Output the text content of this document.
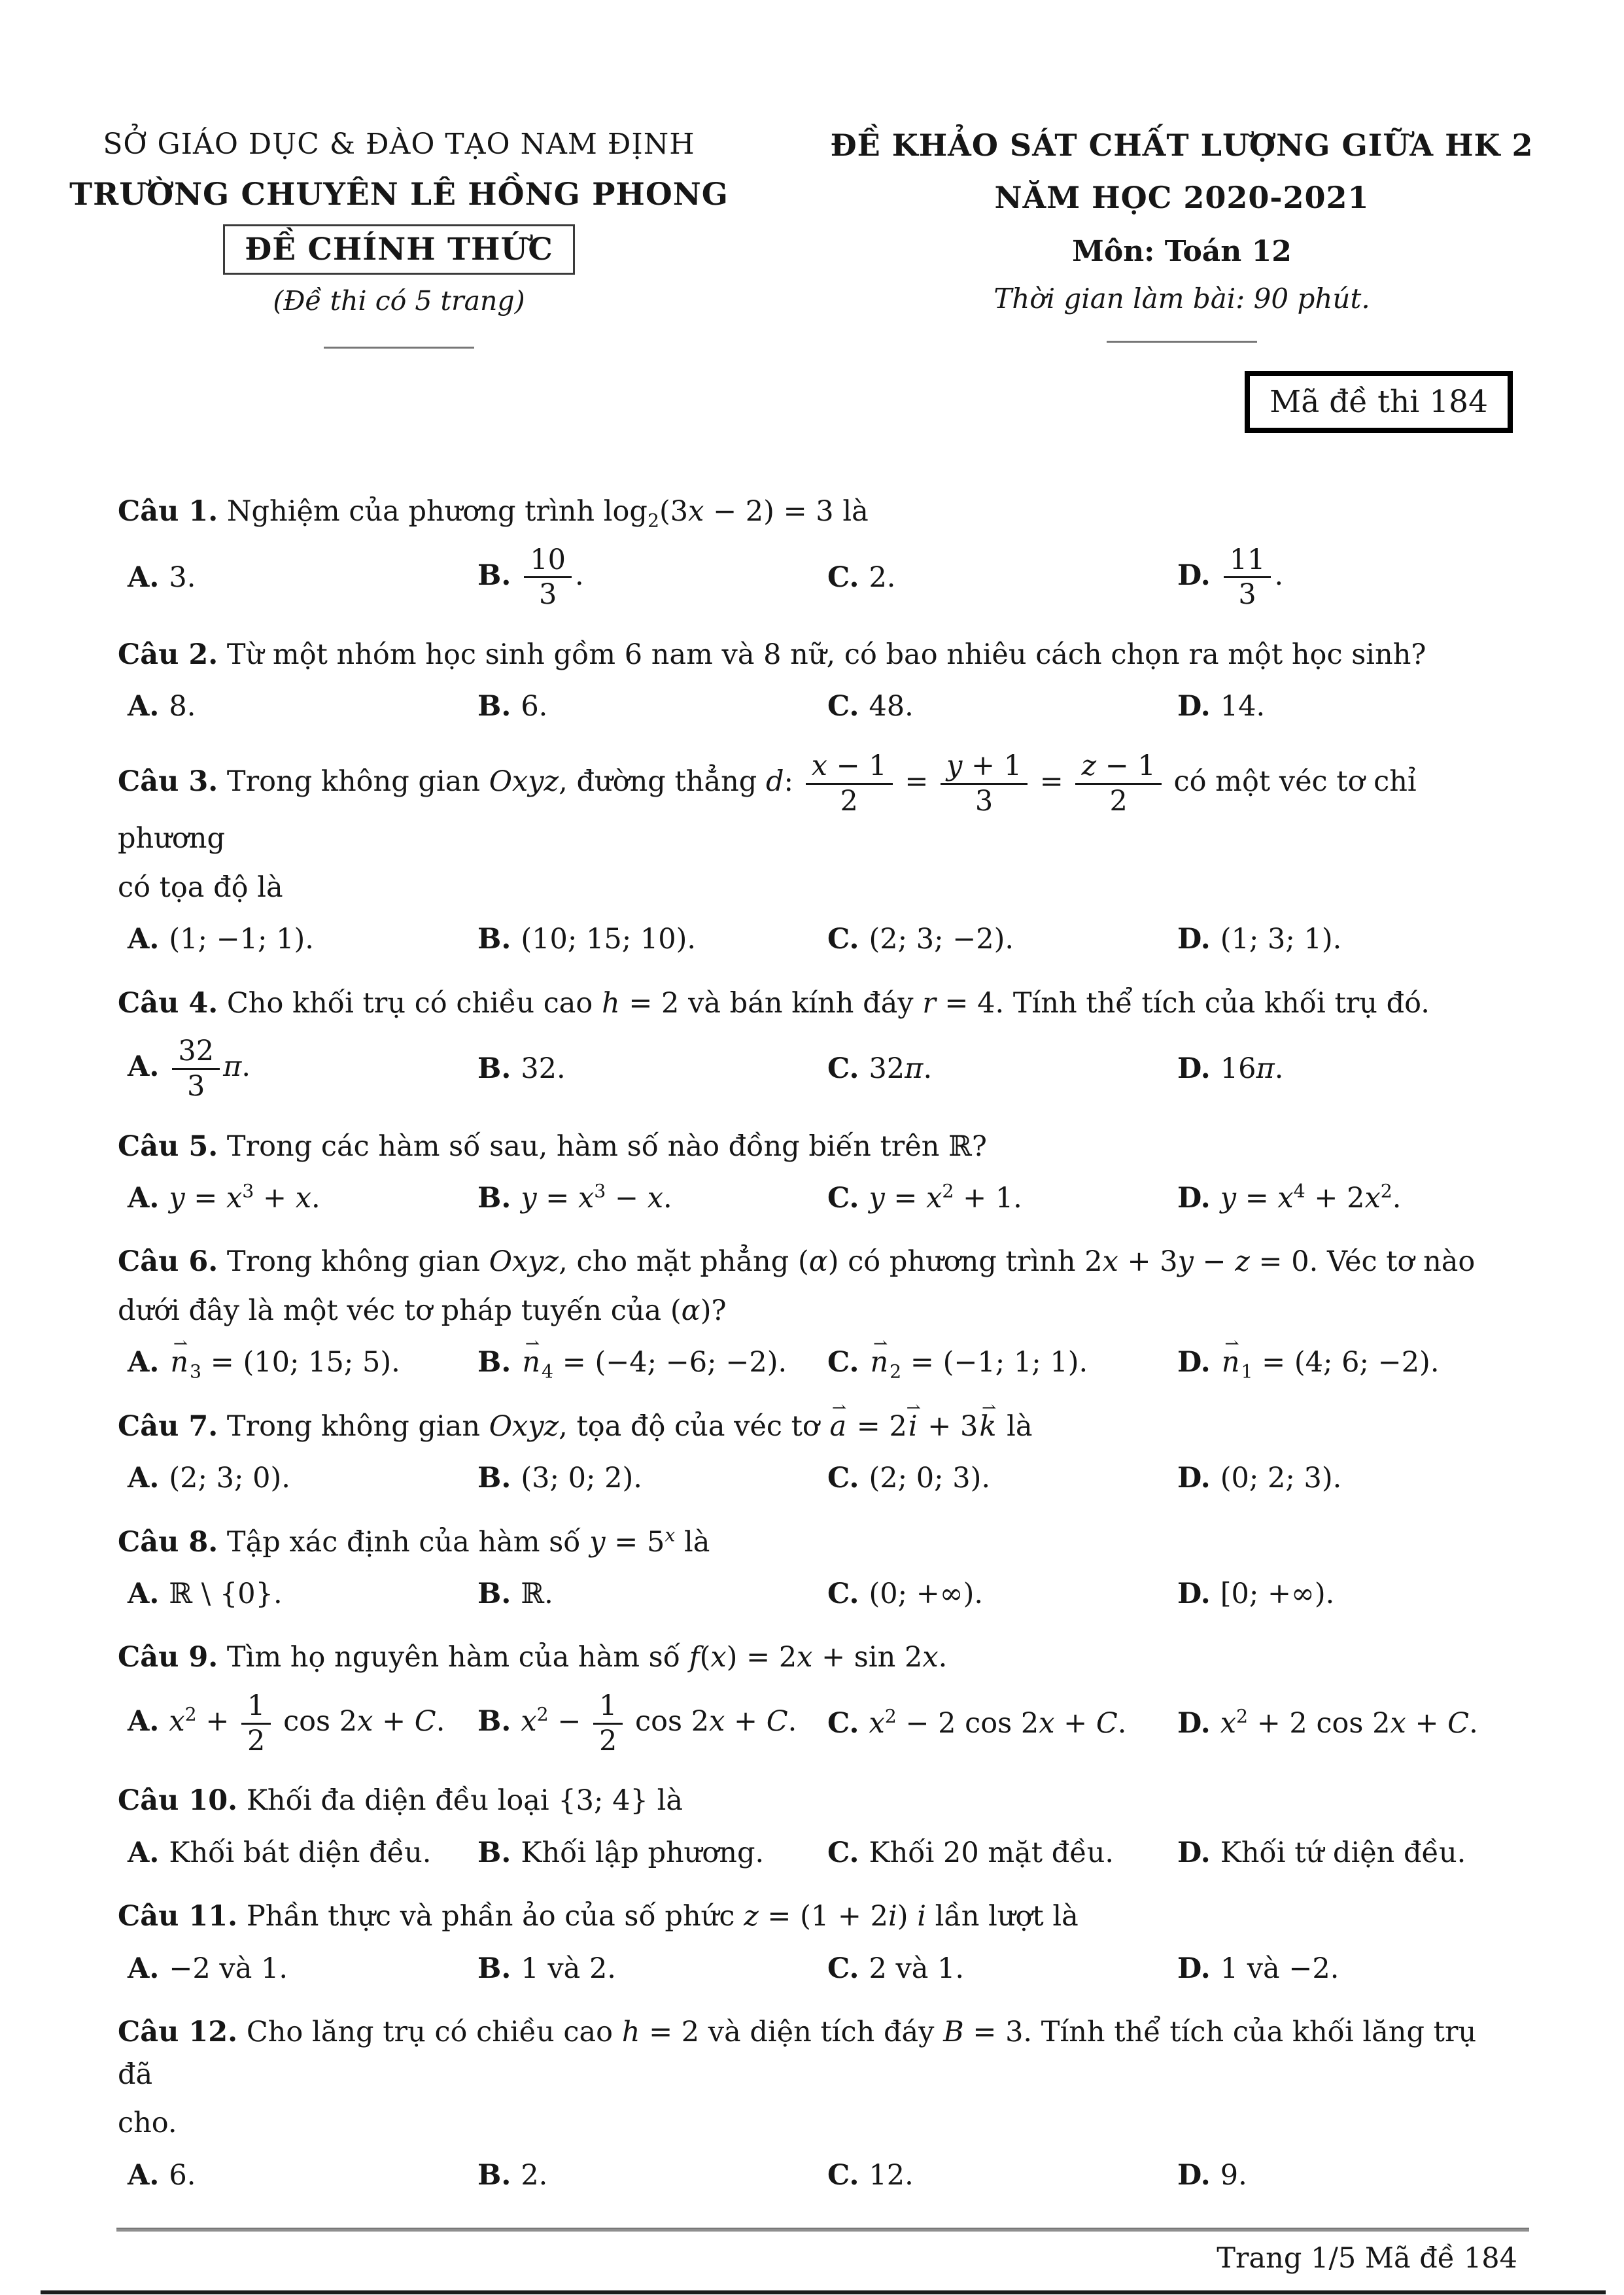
SỞ GIÁO DỤC & ĐÀO TẠO NAM ĐỊNH
TRƯỜNG CHUYÊN LÊ HỒNG PHONG
ĐỀ CHÍNH THỨC
(Đề thi có 5 trang)
ĐỀ KHẢO SÁT CHẤT LƯỢNG GIỮA HK 2
NĂM HỌC 2020-2021
Môn: Toán 12
Thời gian làm bài: 90 phút.
Mã đề thi 184
Câu 1. Nghiệm của phương trình $\log_2(3x - 2) = 3$ là
A. 3.	B. $\frac{10}{3}$ .	C. 2.	D. $\frac{11}{3}$ .
Câu 2. Từ một nhóm học sinh gồm 6 nam và 8 nữ, có bao nhiêu cách chọn ra một học sinh?
A. 8.	B. 6.	C. 48.	D. 14.
Câu 3. Trong không gian Oxyz, đường thẳng d: $\frac{x - 1}{2} = \frac{y + 1}{3} = \frac{z - 1}{2}$ có một véc tơ chỉ phương
có tọa độ là
A. (1; −1; 1).	B. (10; 15; 10).	C. (2; 3; −2).	D. (1; 3; 1).
Câu 4. Cho khối trụ có chiều cao h = 2 và bán kính đáy r = 4. Tính thể tích của khối trụ đó.
A. $\frac{32}{3} \pi$.	B. 32.	C. 32π.	D. 16π.
Câu 5. Trong các hàm số sau, hàm số nào đồng biến trên ℝ?
A. $y = x^3 + x$.	B. $y = x^3 - x$.	C. $y = x^2 + 1$.	D. $y = x^4 + 2x^2$.
Câu 6. Trong không gian Oxyz, cho mặt phẳng (α) có phương trình 2x + 3y − z = 0. Véc tơ nào
dưới đây là một véc tơ pháp tuyến của (α)?
A. ⇀ $n_3 = (10$; 15; 5).	B. ⇀ $n_4 = (-4$; −6; −2).	C. ⇀ $n_2 = (-1$; 1; 1).	D. ⇀ $n_1 = (4$; 6; −2).
Câu 7. Trong không gian Oxyz, tọa độ của véc tơ ⇀ a = 2⇀ i + 3⇀ k là
A. (2; 3; 0).	B. (3; 0; 2).	C. (2; 0; 3).	D. (0; 2; 3).
Câu 8. Tập xác định của hàm số $y = 5^x$ là
A. ℝ \ {0}.	B. ℝ.	C. (0; +∞).	D. [0; +∞).
Câu 9. Tìm họ nguyên hàm của hàm số f(x) = 2x + sin 2x.
A. $x^2 + \frac{1}{2}$ cos 2x + C.	B. $x^2 - \frac{1}{2}$ cos 2x + C.	C. $x^2 - 2$ cos 2x + C.	D. $x^2 + 2$ cos 2x + C.
Câu 10. Khối đa diện đều loại {3; 4} là
A. Khối bát diện đều.	B. Khối lập phương.	C. Khối 20 mặt đều.	D. Khối tứ diện đều.
Câu 11. Phần thực và phần ảo của số phức z = (1 + 2i) i lần lượt là
A. −2 và 1.	B. 1 và 2.	C. 2 và 1.	D. 1 và −2.
Câu 12. Cho lăng trụ có chiều cao h = 2 và diện tích đáy B = 3. Tính thể tích của khối lăng trụ đã
cho.
A. 6.	B. 2.	C. 12.	D. 9.
Trang 1/5 Mã đề 184
